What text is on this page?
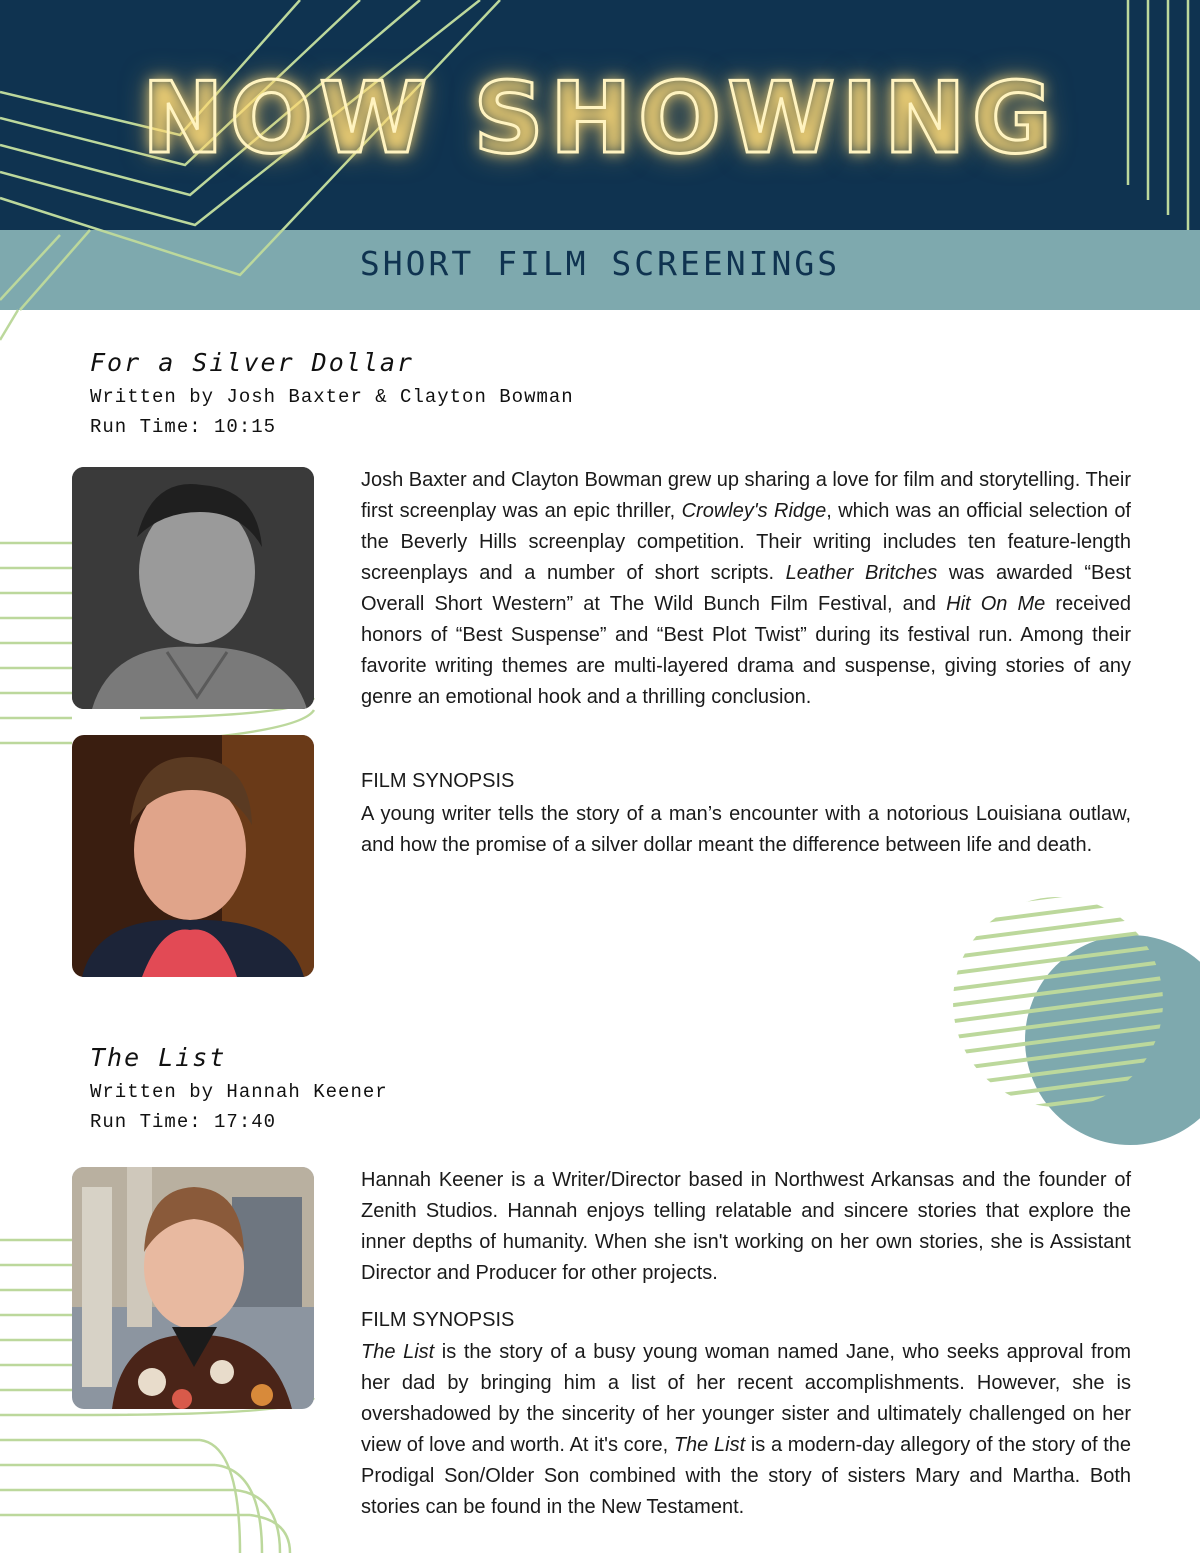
NOW SHOWING
SHORT FILM SCREENINGS
For a Silver Dollar
Written by Josh Baxter & Clayton Bowman
Run Time: 10:15

Josh Baxter and Clayton Bowman grew up sharing a love for film and storytelling. Their first screenplay was an epic thriller, Crowley's Ridge, which was an official selection of the Beverly Hills screenplay competition. Their writing includes ten feature-length screenplays and a number of short scripts. Leather Britches was awarded “Best Overall Short Western” at The Wild Bunch Film Festival, and Hit On Me received honors of “Best Suspense” and “Best Plot Twist” during its festival run. Among their favorite writing themes are multi-layered drama and suspense, giving stories of any genre an emotional hook and a thrilling conclusion.

FILM SYNOPSIS
A young writer tells the story of a man’s encounter with a notorious Louisiana outlaw, and how the promise of a silver dollar meant the difference between life and death.
The List
Written by Hannah Keener
Run Time: 17:40

Hannah Keener is a Writer/Director based in Northwest Arkansas and the founder of Zenith Studios. Hannah enjoys telling relatable and sincere stories that explore the inner depths of humanity. When she isn't working on her own stories, she is Assistant Director and Producer for other projects.

FILM SYNOPSIS

The List is the story of a busy young woman named Jane, who seeks approval from her dad by bringing him a list of her recent accomplishments. However, she is overshadowed by the sincerity of her younger sister and ultimately challenged on her view of love and worth. At it's core, The List is a modern-day allegory of the story of the Prodigal Son/Older Son combined with the story of sisters Mary and Martha. Both stories can be found in the New Testament.
